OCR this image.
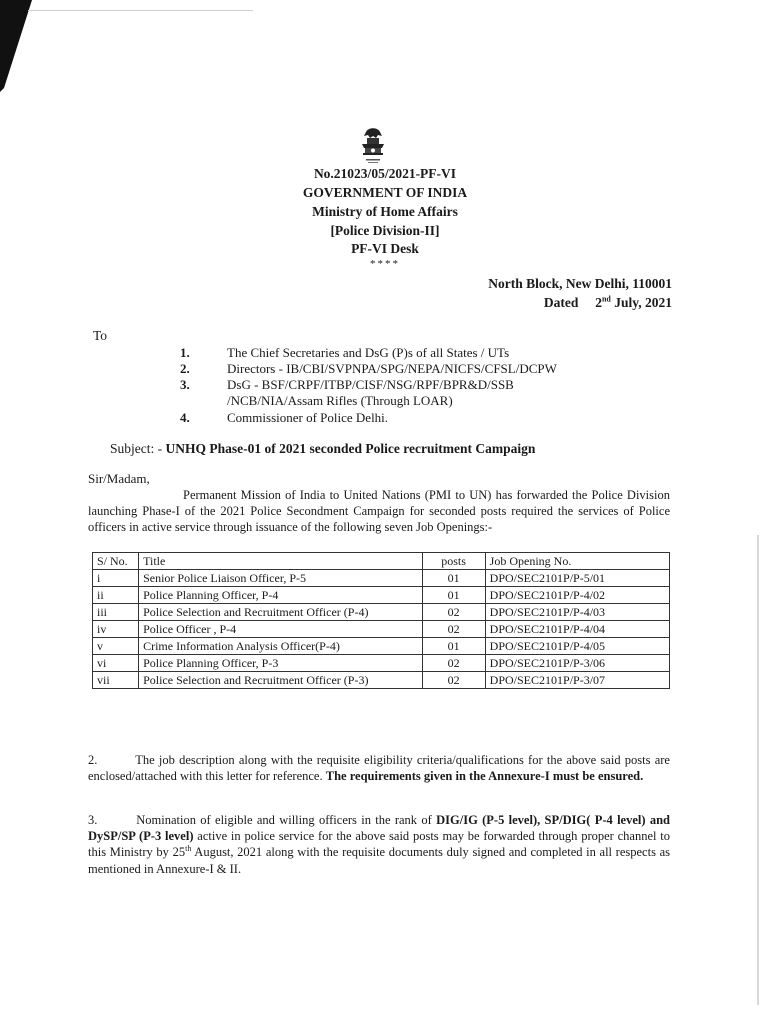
No.21023/05/2021-PF-VI
GOVERNMENT OF INDIA
Ministry of Home Affairs
[Police Division-II]
PF-VI Desk
****
North Block, New Delhi, 110001
Dated 2nd July, 2021
To
1.	The Chief Secretaries and DsG (P)s of all States / UTs
2.	Directors - IB/CBI/SVPNPA/SPG/NEPA/NICFS/CFSL/DCPW
3.	DsG - BSF/CRPF/ITBP/CISF/NSG/RPF/BPR&D/SSB
/NCB/NIA/Assam Rifles (Through LOAR)
4.	Commissioner of Police Delhi.
Subject: - UNHQ Phase-01 of 2021 seconded Police recruitment Campaign
Sir/Madam,
Permanent Mission of India to United Nations (PMI to UN) has forwarded the Police Division launching Phase-I of the 2021 Police Secondment Campaign for seconded posts required the services of Police officers in active service through issuance of the following seven Job Openings:-
S/ No.	Title	posts	Job Opening No.
i	Senior Police Liaison Officer, P-5	01	DPO/SEC2101P/P-5/01
ii	Police Planning Officer, P-4	01	DPO/SEC2101P/P-4/02
iii	Police Selection and Recruitment Officer (P-4)	02	DPO/SEC2101P/P-4/03
iv	Police Officer , P-4	02	DPO/SEC2101P/P-4/04
v	Crime Information Analysis Officer(P-4)	01	DPO/SEC2101P/P-4/05
vi	Police Planning Officer, P-3	02	DPO/SEC2101P/P-3/06
vii	Police Selection and Recruitment Officer (P-3)	02	DPO/SEC2101P/P-3/07
2.	The job description along with the requisite eligibility criteria/qualifications for the above said posts are enclosed/attached with this letter for reference. The requirements given in the Annexure-I must be ensured.
3.	Nomination of eligible and willing officers in the rank of DIG/IG (P-5 level), SP/DIG( P-4 level) and DySP/SP (P-3 level) active in police service for the above said posts may be forwarded through proper channel to this Ministry by 25th August, 2021 along with the requisite documents duly signed and completed in all respects as mentioned in Annexure-I & II.
